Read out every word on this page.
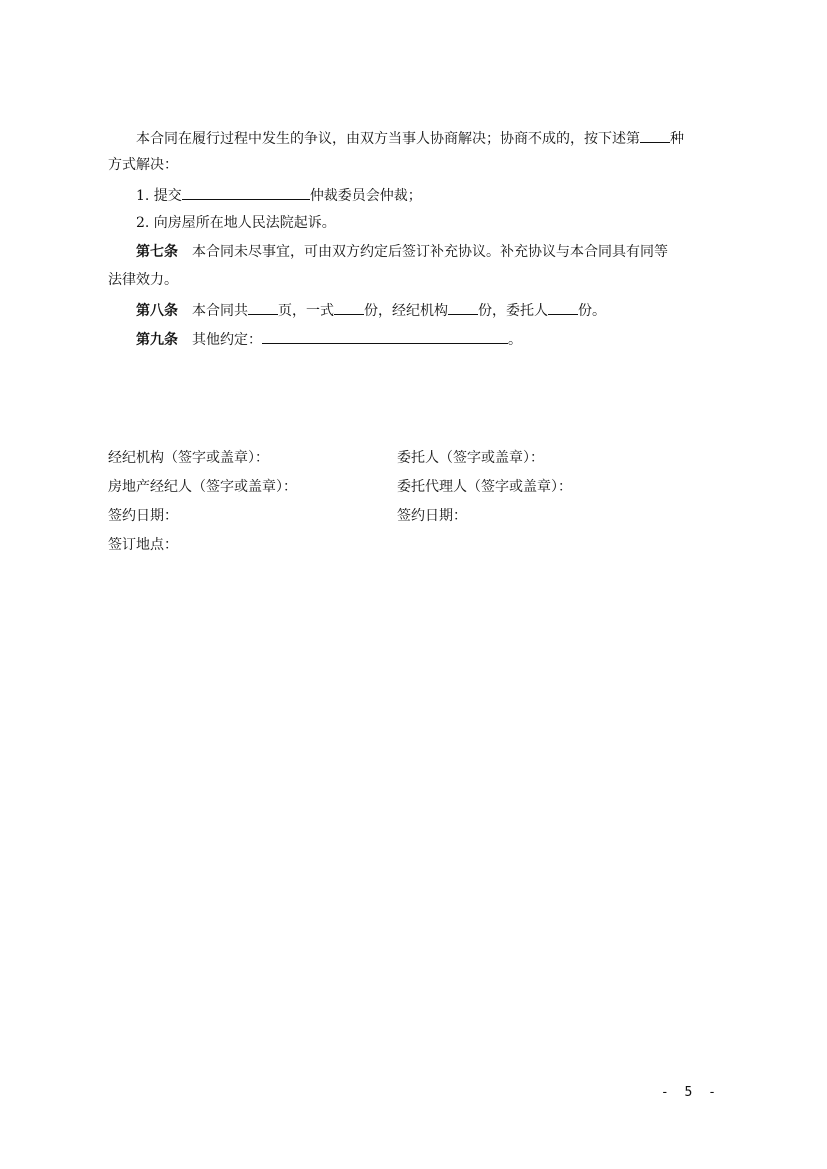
本合同在履行过程中发生的争议，由双方当事人协商解决；协商不成的，按下述第 种
方式解决：
1. 提交	仲裁委员会仲裁；
2. 向房屋所在地人民法院起诉。
第七条 本合同未尽事宜，可由双方约定后签订补充协议。补充协议与本合同具有同等
法律效力。
第八条 本合同共 页，一式 份，经纪机构 份，委托人 份。
第九条 其他约定：	。
经纪机构（签字或盖章）：	委托人（签字或盖章）：
房地产经纪人（签字或盖章）：	委托代理人（签字或盖章）：
签约日期：	签约日期：
签订地点：
- 5 -
